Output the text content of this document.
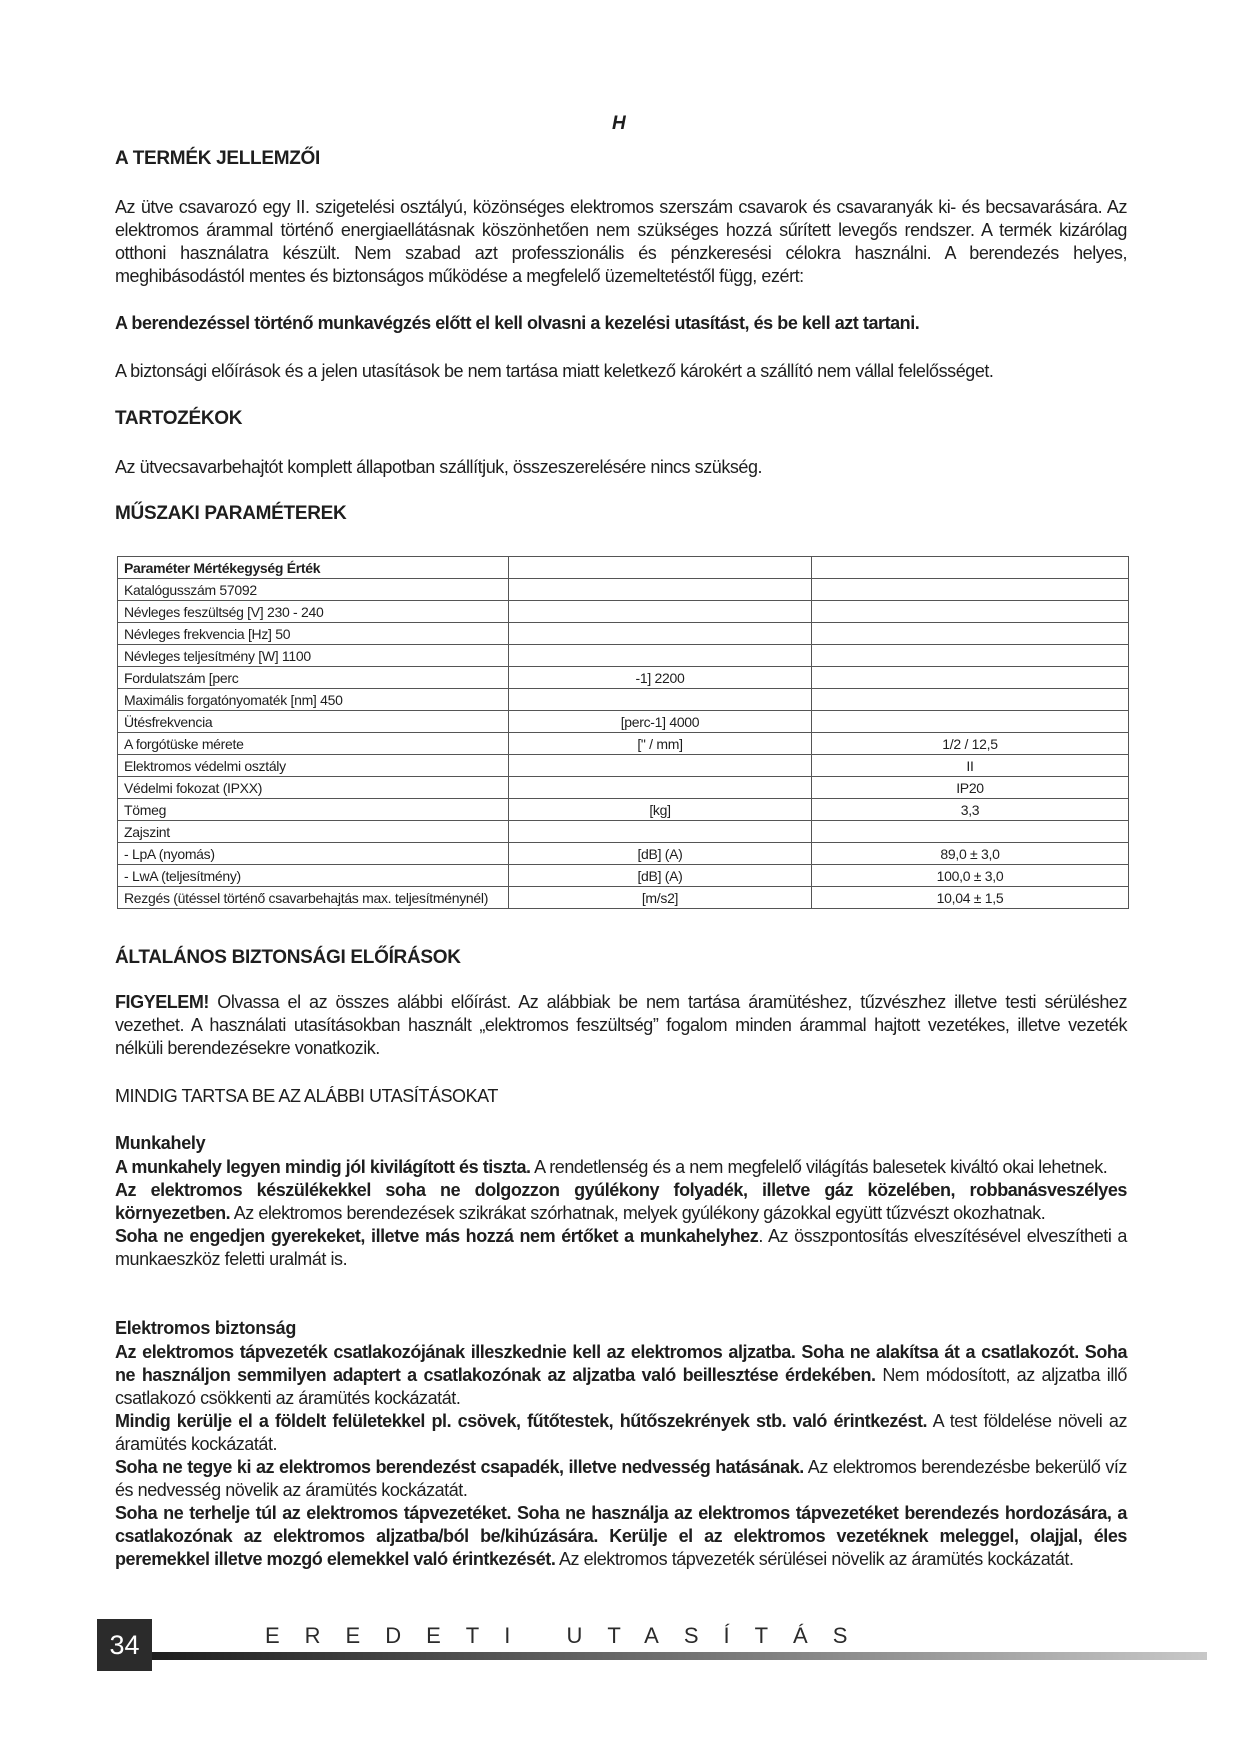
H
A TERMÉK JELLEMZŐI

Az ütve csavarozó egy II. szigetelési osztályú, közönséges elektromos szerszám csavarok és csavaranyák ki- és becsavarására. Az elektromos árammal történő energiaellátásnak köszönhetően nem szükséges hozzá sűrített levegős rendszer. A termék kizárólag otthoni használatra készült. Nem szabad azt professzionális és pénzkeresési célokra használni. A berendezés helyes, meghibásodástól mentes és biztonságos működése a megfelelő üzemeltetéstől függ, ezért:

A berendezéssel történő munkavégzés előtt el kell olvasni a kezelési utasítást, és be kell azt tartani.

A biztonsági előírások és a jelen utasítások be nem tartása miatt keletkező károkért a szállító nem vállal felelősséget.

TARTOZÉKOK

Az ütvecsavarbehajtót komplett állapotban szállítjuk, összeszerelésére nincs szükség.

MŰSZAKI PARAMÉTEREK
Paraméter Mértékegység Érték		
Katalógusszám 57092		
Névleges feszültség [V] 230 - 240		
Névleges frekvencia [Hz] 50		
Névleges teljesítmény [W] 1100		
Fordulatszám [perc	-1] 2200	
Maximális forgatónyomaték [nm] 450		
Ütésfrekvencia	[perc-1] 4000	
A forgótüske mérete	[" / mm]	1/2 / 12,5
Elektromos védelmi osztály		II
Védelmi fokozat (IPXX)		IP20
Tömeg	[kg]	3,3
Zajszint		
- LpA (nyomás)	[dB] (A)	89,0 ± 3,0
- LwA (teljesítmény)	[dB] (A)	100,0 ± 3,0
Rezgés (ütéssel történő csavarbehajtás max. teljesítménynél)	[m/s2]	10,04 ± 1,5
ÁLTALÁNOS BIZTONSÁGI ELŐÍRÁSOK

FIGYELEM! Olvassa el az összes alábbi előírást. Az alábbiak be nem tartása áramütéshez, tűzvészhez illetve testi sérüléshez vezethet. A használati utasításokban használt „elektromos feszültség” fogalom minden árammal hajtott vezetékes, illetve vezeték nélküli berendezésekre vonatkozik.

MINDIG TARTSA BE AZ ALÁBBI UTASÍTÁSOKAT

Munkahely
A munkahely legyen mindig jól kivilágított és tiszta. A rendetlenség és a nem megfelelő világítás balesetek kiváltó okai lehetnek.
Az elektromos készülékekkel soha ne dolgozzon gyúlékony folyadék, illetve gáz közelében, robbanásveszélyes környezetben. Az elektromos berendezések szikrákat szórhatnak, melyek gyúlékony gázokkal együtt tűzvészt okozhatnak.
Soha ne engedjen gyerekeket, illetve más hozzá nem értőket a munkahelyhez. Az összpontosítás elveszítésével elveszítheti a munkaeszköz feletti uralmát is.
Elektromos biztonság
Az elektromos tápvezeték csatlakozójának illeszkednie kell az elektromos aljzatba. Soha ne alakítsa át a csatlakozót. Soha ne használjon semmilyen adaptert a csatlakozónak az aljzatba való beillesztése érdekében. Nem módosított, az aljzatba illő csatlakozó csökkenti az áramütés kockázatát.
Mindig kerülje el a földelt felületekkel pl. csövek, fűtőtestek, hűtőszekrények stb. való érintkezést. A test földelése növeli az áramütés kockázatát.
Soha ne tegye ki az elektromos berendezést csapadék, illetve nedvesség hatásának. Az elektromos berendezésbe bekerülő víz és nedvesség növelik az áramütés kockázatát.
Soha ne terhelje túl az elektromos tápvezetéket. Soha ne használja az elektromos tápvezetéket berendezés hordozására, a csatlakozónak az elektromos aljzatba/ból be/kihúzására. Kerülje el az elektromos vezetéknek meleggel, olajjal, éles peremekkel illetve mozgó elemekkel való érintkezését. Az elektromos tápvezeték sérülései növelik az áramütés kockázatát.
34	EREDETI UTASÍTÁS
